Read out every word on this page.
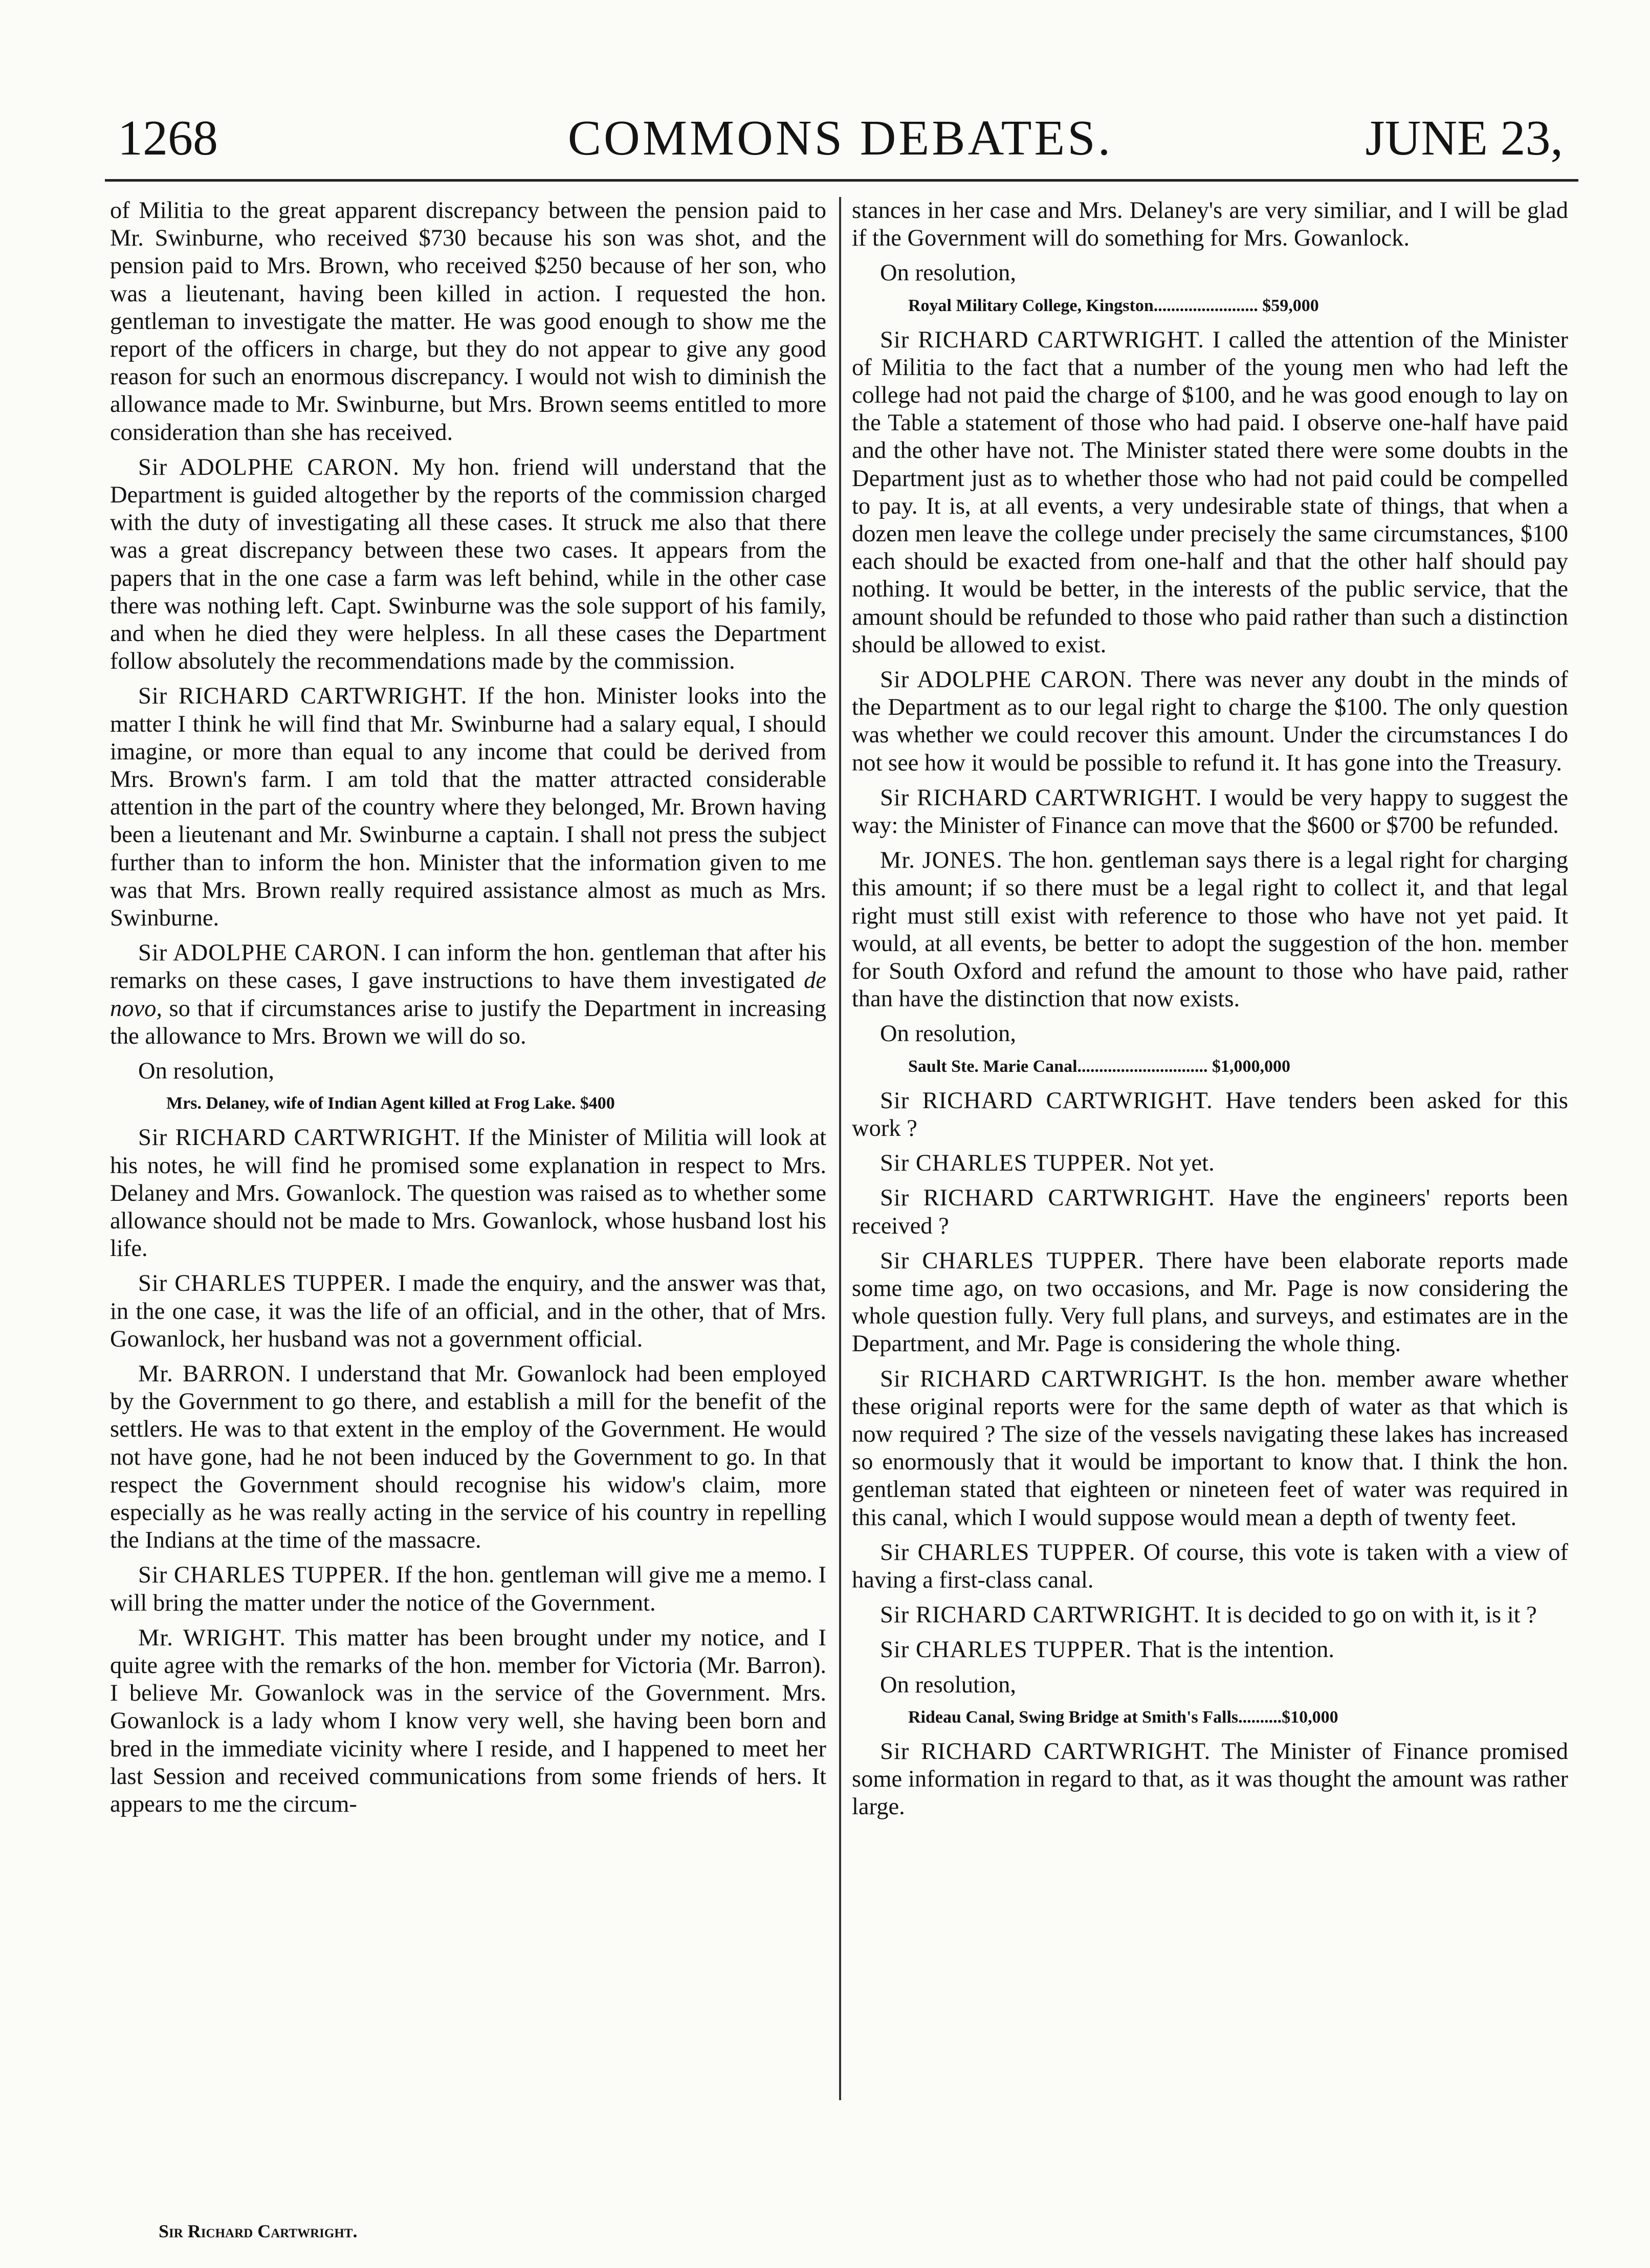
1268	COMMONS DEBATES.	JUNE 23,

of Militia to the great apparent discrepancy between the pension paid to Mr. Swinburne, who received $730 because his son was shot, and the pension paid to Mrs. Brown, who received $250 because of her son, who was a lieutenant, having been killed in action. I requested the hon. gentleman to investigate the matter. He was good enough to show me the report of the officers in charge, but they do not appear to give any good reason for such an enormous discrepancy. I would not wish to diminish the allowance made to Mr. Swinburne, but Mrs. Brown seems entitled to more consideration than she has received.

Sir ADOLPHE CARON. My hon. friend will understand that the Department is guided altogether by the reports of the commission charged with the duty of investigating all these cases. It struck me also that there was a great discrepancy between these two cases. It appears from the papers that in the one case a farm was left behind, while in the other case there was nothing left. Capt. Swinburne was the sole support of his family, and when he died they were helpless. In all these cases the Department follow absolutely the recommendations made by the commission.

Sir RICHARD CARTWRIGHT. If the hon. Minister looks into the matter I think he will find that Mr. Swinburne had a salary equal, I should imagine, or more than equal to any income that could be derived from Mrs. Brown's farm. I am told that the matter attracted considerable attention in the part of the country where they belonged, Mr. Brown having been a lieutenant and Mr. Swinburne a captain. I shall not press the subject further than to inform the hon. Minister that the information given to me was that Mrs. Brown really required assistance almost as much as Mrs. Swinburne.

Sir ADOLPHE CARON. I can inform the hon. gentleman that after his remarks on these cases, I gave instructions to have them investigated de novo, so that if circumstances arise to justify the Department in increasing the allowance to Mrs. Brown we will do so.

On resolution,
Mrs. Delaney, wife of Indian Agent killed at Frog Lake. $400

Sir RICHARD CARTWRIGHT. If the Minister of Militia will look at his notes, he will find he promised some explanation in respect to Mrs. Delaney and Mrs. Gowanlock. The question was raised as to whether some allowance should not be made to Mrs. Gowanlock, whose husband lost his life.

Sir CHARLES TUPPER. I made the enquiry, and the answer was that, in the one case, it was the life of an official, and in the other, that of Mrs. Gowanlock, her husband was not a government official.

Mr. BARRON. I understand that Mr. Gowanlock had been employed by the Government to go there, and establish a mill for the benefit of the settlers. He was to that extent in the employ of the Government. He would not have gone, had he not been induced by the Government to go. In that respect the Government should recognise his widow's claim, more especially as he was really acting in the service of his country in repelling the Indians at the time of the massacre.

Sir CHARLES TUPPER. If the hon. gentleman will give me a memo. I will bring the matter under the notice of the Government.

Mr. WRIGHT. This matter has been brought under my notice, and I quite agree with the remarks of the hon. member for Victoria (Mr. Barron). I believe Mr. Gowanlock was in the service of the Government. Mrs. Gowanlock is a lady whom I know very well, she having been born and bred in the immediate vicinity where I reside, and I happened to meet her last Session and received communications from some friends of hers. It appears to me the circum-

stances in her case and Mrs. Delaney's are very similiar, and I will be glad if the Government will do something for Mrs. Gowanlock.

On resolution,
Royal Military College, Kingston........................ $59,000

Sir RICHARD CARTWRIGHT. I called the attention of the Minister of Militia to the fact that a number of the young men who had left the college had not paid the charge of $100, and he was good enough to lay on the Table a statement of those who had paid. I observe one-half have paid and the other have not. The Minister stated there were some doubts in the Department just as to whether those who had not paid could be compelled to pay. It is, at all events, a very undesirable state of things, that when a dozen men leave the college under precisely the same circumstances, $100 each should be exacted from one-half and that the other half should pay nothing. It would be better, in the interests of the public service, that the amount should be refunded to those who paid rather than such a distinction should be allowed to exist.

Sir ADOLPHE CARON. There was never any doubt in the minds of the Department as to our legal right to charge the $100. The only question was whether we could recover this amount. Under the circumstances I do not see how it would be possible to refund it. It has gone into the Treasury.

Sir RICHARD CARTWRIGHT. I would be very happy to suggest the way: the Minister of Finance can move that the $600 or $700 be refunded.

Mr. JONES. The hon. gentleman says there is a legal right for charging this amount; if so there must be a legal right to collect it, and that legal right must still exist with reference to those who have not yet paid. It would, at all events, be better to adopt the suggestion of the hon. member for South Oxford and refund the amount to those who have paid, rather than have the distinction that now exists.

On resolution,
Sault Ste. Marie Canal.............................. $1,000,000

Sir RICHARD CARTWRIGHT. Have tenders been asked for this work ?

Sir CHARLES TUPPER. Not yet.

Sir RICHARD CARTWRIGHT. Have the engineers' reports been received ?

Sir CHARLES TUPPER. There have been elaborate reports made some time ago, on two occasions, and Mr. Page is now considering the whole question fully. Very full plans, and surveys, and estimates are in the Department, and Mr. Page is considering the whole thing.

Sir RICHARD CARTWRIGHT. Is the hon. member aware whether these original reports were for the same depth of water as that which is now required ? The size of the vessels navigating these lakes has increased so enormously that it would be important to know that. I think the hon. gentleman stated that eighteen or nineteen feet of water was required in this canal, which I would suppose would mean a depth of twenty feet.

Sir CHARLES TUPPER. Of course, this vote is taken with a view of having a first-class canal.

Sir RICHARD CARTWRIGHT. It is decided to go on with it, is it ?

Sir CHARLES TUPPER. That is the intention.

On resolution,
Rideau Canal, Swing Bridge at Smith's Falls..........$10,000

Sir RICHARD CARTWRIGHT. The Minister of Finance promised some information in regard to that, as it was thought the amount was rather large.

Sir Richard Cartwright.
